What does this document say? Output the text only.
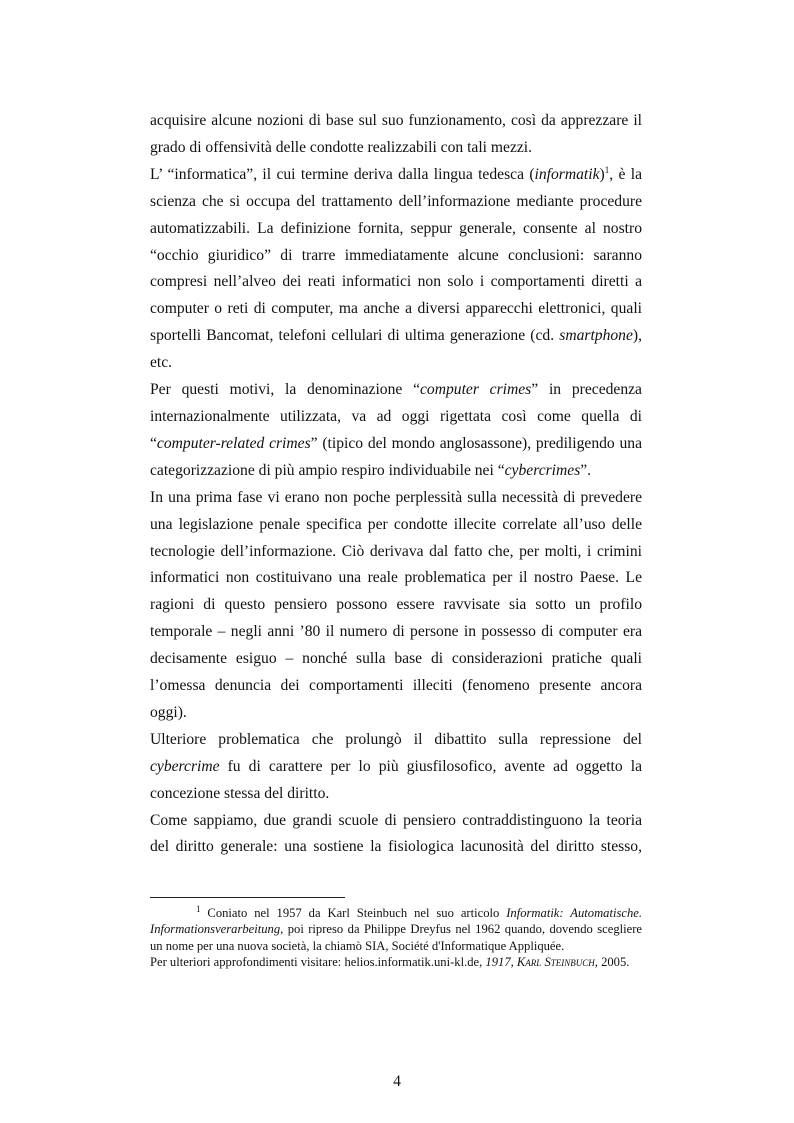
acquisire alcune nozioni di base sul suo funzionamento, così da apprezzare il grado di offensività delle condotte realizzabili con tali mezzi.

L’ “informatica”, il cui termine deriva dalla lingua tedesca (informatik)$^1$, è la scienza che si occupa del trattamento dell’informazione mediante procedure automatizzabili. La definizione fornita, seppur generale, consente al nostro “occhio giuridico” di trarre immediatamente alcune conclusioni: saranno compresi nell’alveo dei reati informatici non solo i comportamenti diretti a computer o reti di computer, ma anche a diversi apparecchi elettronici, quali sportelli Bancomat, telefoni cellulari di ultima generazione (cd. smartphone), etc.

Per questi motivi, la denominazione “computer crimes” in precedenza internazionalmente utilizzata, va ad oggi rigettata così come quella di “computer-related crimes” (tipico del mondo anglosassone), prediligendo una categorizzazione di più ampio respiro individuabile nei “cybercrimes”.

In una prima fase vi erano non poche perplessità sulla necessità di prevedere una legislazione penale specifica per condotte illecite correlate all’uso delle tecnologie dell’informazione. Ciò derivava dal fatto che, per molti, i crimini informatici non costituivano una reale problematica per il nostro Paese. Le ragioni di questo pensiero possono essere ravvisate sia sotto un profilo temporale – negli anni ’80 il numero di persone in possesso di computer era decisamente esiguo – nonché sulla base di considerazioni pratiche quali l’omessa denuncia dei comportamenti illeciti (fenomeno presente ancora oggi).

Ulteriore problematica che prolungò il dibattito sulla repressione del cybercrime fu di carattere per lo più giusfilosofico, avente ad oggetto la concezione stessa del diritto.

Come sappiamo, due grandi scuole di pensiero contraddistinguono la teoria del diritto generale: una sostiene la fisiologica lacunosità del diritto stesso,

$^1$ Coniato nel 1957 da Karl Steinbuch nel suo articolo Informatik: Automatische. Informationsverarbeitung, poi ripreso da Philippe Dreyfus nel 1962 quando, dovendo scegliere un nome per una nuova società, la chiamò SIA, Société d'Informatique Appliquée.

Per ulteriori approfondimenti visitare: helios.informatik.uni-kl.de, 1917, Karl Steinbuch, 2005.

4
